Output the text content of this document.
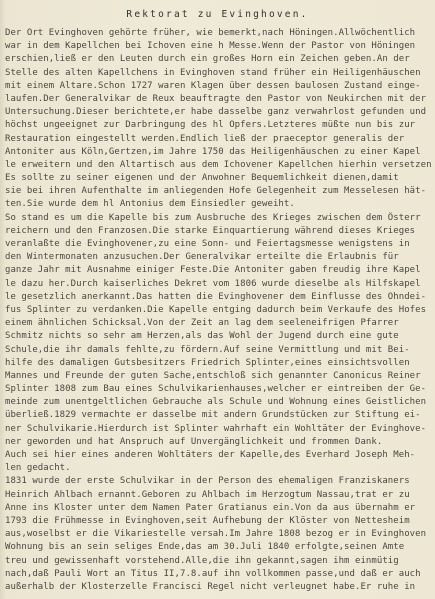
Rektorat zu Evinghoven.
Der Ort Evinghoven gehörte früher, wie bemerkt,nach Höningen.Allwöchentlich
war in dem Kapellchen bei Ichoven eine h Messe.Wenn der Pastor von Höningen
erschien,ließ er den Leuten durch ein großes Horn ein Zeichen geben.An der
Stelle des alten Kapellchens in Evinghoven stand früher ein Heiligenhäuschen
mit einem Altare.Schon 1727 waren Klagen über dessen baulosen Zustand einge-
laufen.Der Generalvikar de Reux beauftragte den Pastor von Neukirchen mit der
Untersuchung.Dieser berichtete,er habe dasselbe ganz verwahrlost gefunden und
höchst ungeeignet zur Darbringung des hl Opfers.Letzteres müßte nun bis zur
Restauration eingestellt werden.Endlich ließ der praeceptor generalis der
Antoniter aus Köln,Gertzen,im Jahre 1750 das Heiligenhäuschen zu einer Kapel
le erweitern und den Altartisch aus dem Ichovener Kapellchen hierhin versetzen
Es sollte zu seiner eigenen und der Anwohner Bequemlichkeit dienen,damit
sie bei ihren Aufenthalte im anliegenden Hofe Gelegenheit zum Messelesen hät-
ten.Sie wurde dem hl Antonius dem Einsiedler geweiht.
So stand es um die Kapelle bis zum Ausbruche des Krieges zwischen dem Österr
reichern und den Franzosen.Die starke Einquartierung während dieses Krieges
veranlaßte die Evinghovener,zu eine Sonn- und Feiertagsmesse wenigstens in
den Wintermonaten anzusuchen.Der Generalvikar erteilte die Erlaubnis für
ganze Jahr mit Ausnahme einiger Feste.Die Antoniter gaben freudig ihre Kapel
le dazu her.Durch kaiserliches Dekret vom 1806 wurde dieselbe als Hilfskapel
le gesetzlich anerkannt.Das hatten die Evinghovener dem Einflusse des Ohndei-
fus Splinter zu verdanken.Die Kapelle entging dadurch beim Verkaufe des Hofes
einem ähnlichen Schicksal.Von der Zeit an lag dem seeleneifrigen Pfarrer
Schmitz nichts so sehr am Herzen,als das Wohl der Jugend durch eine gute
Schule,die ihr damals fehlte,zu fördern.Auf seine Vermittlung und mit Bei-
hilfe des damaligen Gutsbesitzers Friedrich Splinter,eines einsichtsvollen
Mannes und Freunde der guten Sache,entschloß sich genannter Canonicus Reiner
Splinter 1808 zum Bau eines Schulvikarienhauses,welcher er eintreiben der Ge-
meinde zum unentgeltlichen Gebrauche als Schule und Wohnung eines Geistlichen
überließ.1829 vermachte er dasselbe mit andern Grundstücken zur Stiftung ei-
ner Schulvikarie.Hierdurch ist Splinter wahrhaft ein Wohltäter der Evinghove-
ner geworden und hat Anspruch auf Unvergänglichkeit und frommen Dank.
Auch sei hier eines anderen Wohltäters der Kapelle,des Everhard Joseph Meh-
len gedacht.
1831 wurde der erste Schulvikar in der Person des ehemaligen Franziskaners
Heinrich Ahlbach ernannt.Geboren zu Ahlbach im Herzogtum Nassau,trat er zu
Anne ins Kloster unter dem Namen Pater Gratianus ein.Von da aus übernahm er
1793 die Frühmesse in Evinghoven,seit Aufhebung der Klöster von Nettesheim
aus,woselbst er die Vikariestelle versah.Im Jahre 1808 bezog er in Evinghoven
Wohnung bis an sein seliges Ende,das am 30.Juli 1840 erfolgte,seinen Amte
treu und gewissenhaft vorstehend.Alle,die ihn gekannt,sagen ihm einmütig
nach,daß Pauli Wort an Titus II,7.8.auf ihn vollkommen passe,und daß er auch
außerhalb der Klosterzelle Francisci Regel nicht verleugnet habe.Er ruhe in
